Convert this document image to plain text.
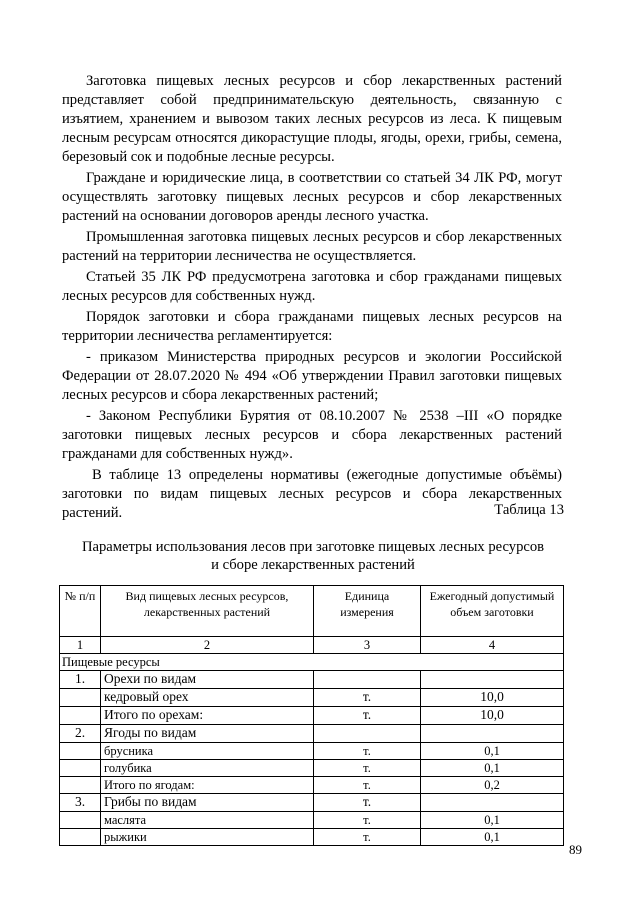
Заготовка пищевых лесных ресурсов и сбор лекарственных растений представляет собой предпринимательскую деятельность, связанную с изъятием, хранением и вывозом таких лесных ресурсов из леса. К пищевым лесным ресурсам относятся дикорастущие плоды, ягоды, орехи, грибы, семена, березовый сок и подобные лесные ресурсы.

Граждане и юридические лица, в соответствии со статьей 34 ЛК РФ, могут осуществлять заготовку пищевых лесных ресурсов и сбор лекарственных растений на основании договоров аренды лесного участка.

Промышленная заготовка пищевых лесных ресурсов и сбор лекарственных растений на территории лесничества не осуществляется.

Статьей 35 ЛК РФ предусмотрена заготовка и сбор гражданами пищевых лесных ресурсов для собственных нужд.

Порядок заготовки и сбора гражданами пищевых лесных ресурсов на территории лесничества регламентируется:

- приказом Министерства природных ресурсов и экологии Российской Федерации от 28.07.2020 № 494 «Об утверждении Правил заготовки пищевых лесных ресурсов и сбора лекарственных растений;

- Законом Республики Бурятия от 08.10.2007 № 2538 –III «О порядке заготовки пищевых лесных ресурсов и сбора лекарственных растений гражданами для собственных нужд».

В таблице 13 определены нормативы (ежегодные допустимые объёмы) заготовки по видам пищевых лесных ресурсов и сбора лекарственных растений.	Таблица 13
Параметры использования лесов при заготовке пищевых лесных ресурсов
и сборе лекарственных растений
№ п/п	Вид пищевых лесных ресурсов, лекарственных растений	Единица измерения	Ежегодный допустимый объем заготовки
1	2	3	4
Пищевые ресурсы			
1.	Орехи по видам		
	кедровый орех	т.	10,0
	Итого по орехам:	т.	10,0
2.	Ягоды по видам		
	брусника	т.	0,1
	голубика	т.	0,1
	Итого по ягодам:	т.	0,2
3.	Грибы по видам	т.	
	маслята	т.	0,1
	рыжики	т.	0,1
89
